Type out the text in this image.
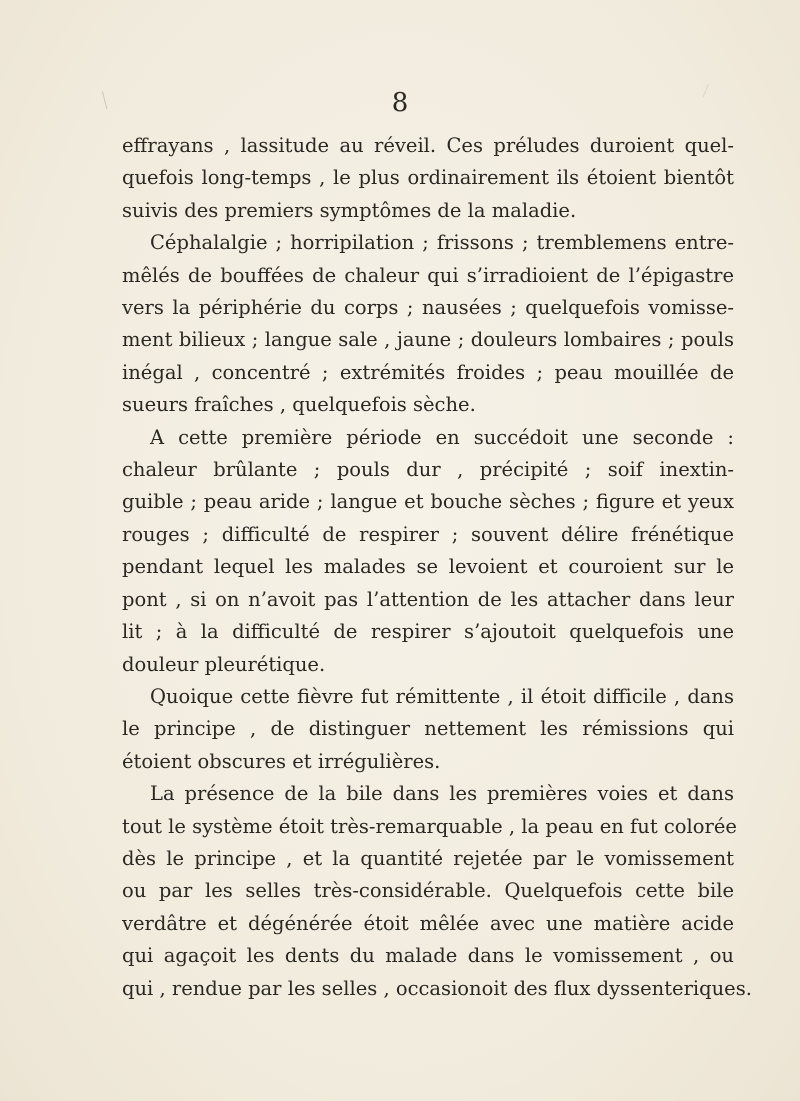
8
effrayans , lassitude au réveil. Ces préludes duroient quel-
quefois long-temps , le plus ordinairement ils étoient bientôt
suivis des premiers symptômes de la maladie.
Céphalalgie ; horripilation ; frissons ; tremblemens entre-
mêlés de bouffées de chaleur qui s’irradioient de l’épigastre
vers la périphérie du corps ; nausées ; quelquefois vomisse-
ment bilieux ; langue sale , jaune ; douleurs lombaires ; pouls
inégal , concentré ; extrémités froides ; peau mouillée de
sueurs fraîches , quelquefois sèche.
A cette première période en succédoit une seconde :
chaleur brûlante ; pouls dur , précipité ; soif inextin-
guible ; peau aride ; langue et bouche sèches ; figure et yeux
rouges ; difficulté de respirer ; souvent délire frénétique
pendant lequel les malades se levoient et couroient sur le
pont , si on n’avoit pas l’attention de les attacher dans leur
lit ; à la difficulté de respirer s’ajoutoit quelquefois une
douleur pleurétique.
Quoique cette fièvre fut rémittente , il étoit difficile , dans
le principe , de distinguer nettement les rémissions qui
étoient obscures et irrégulières.
La présence de la bile dans les premières voies et dans
tout le système étoit très-remarquable , la peau en fut colorée
dès le principe , et la quantité rejetée par le vomissement
ou par les selles très-considérable. Quelquefois cette bile
verdâtre et dégénérée étoit mêlée avec une matière acide
qui agaçoit les dents du malade dans le vomissement , ou
qui , rendue par les selles , occasionoit des flux dyssenteriques.
